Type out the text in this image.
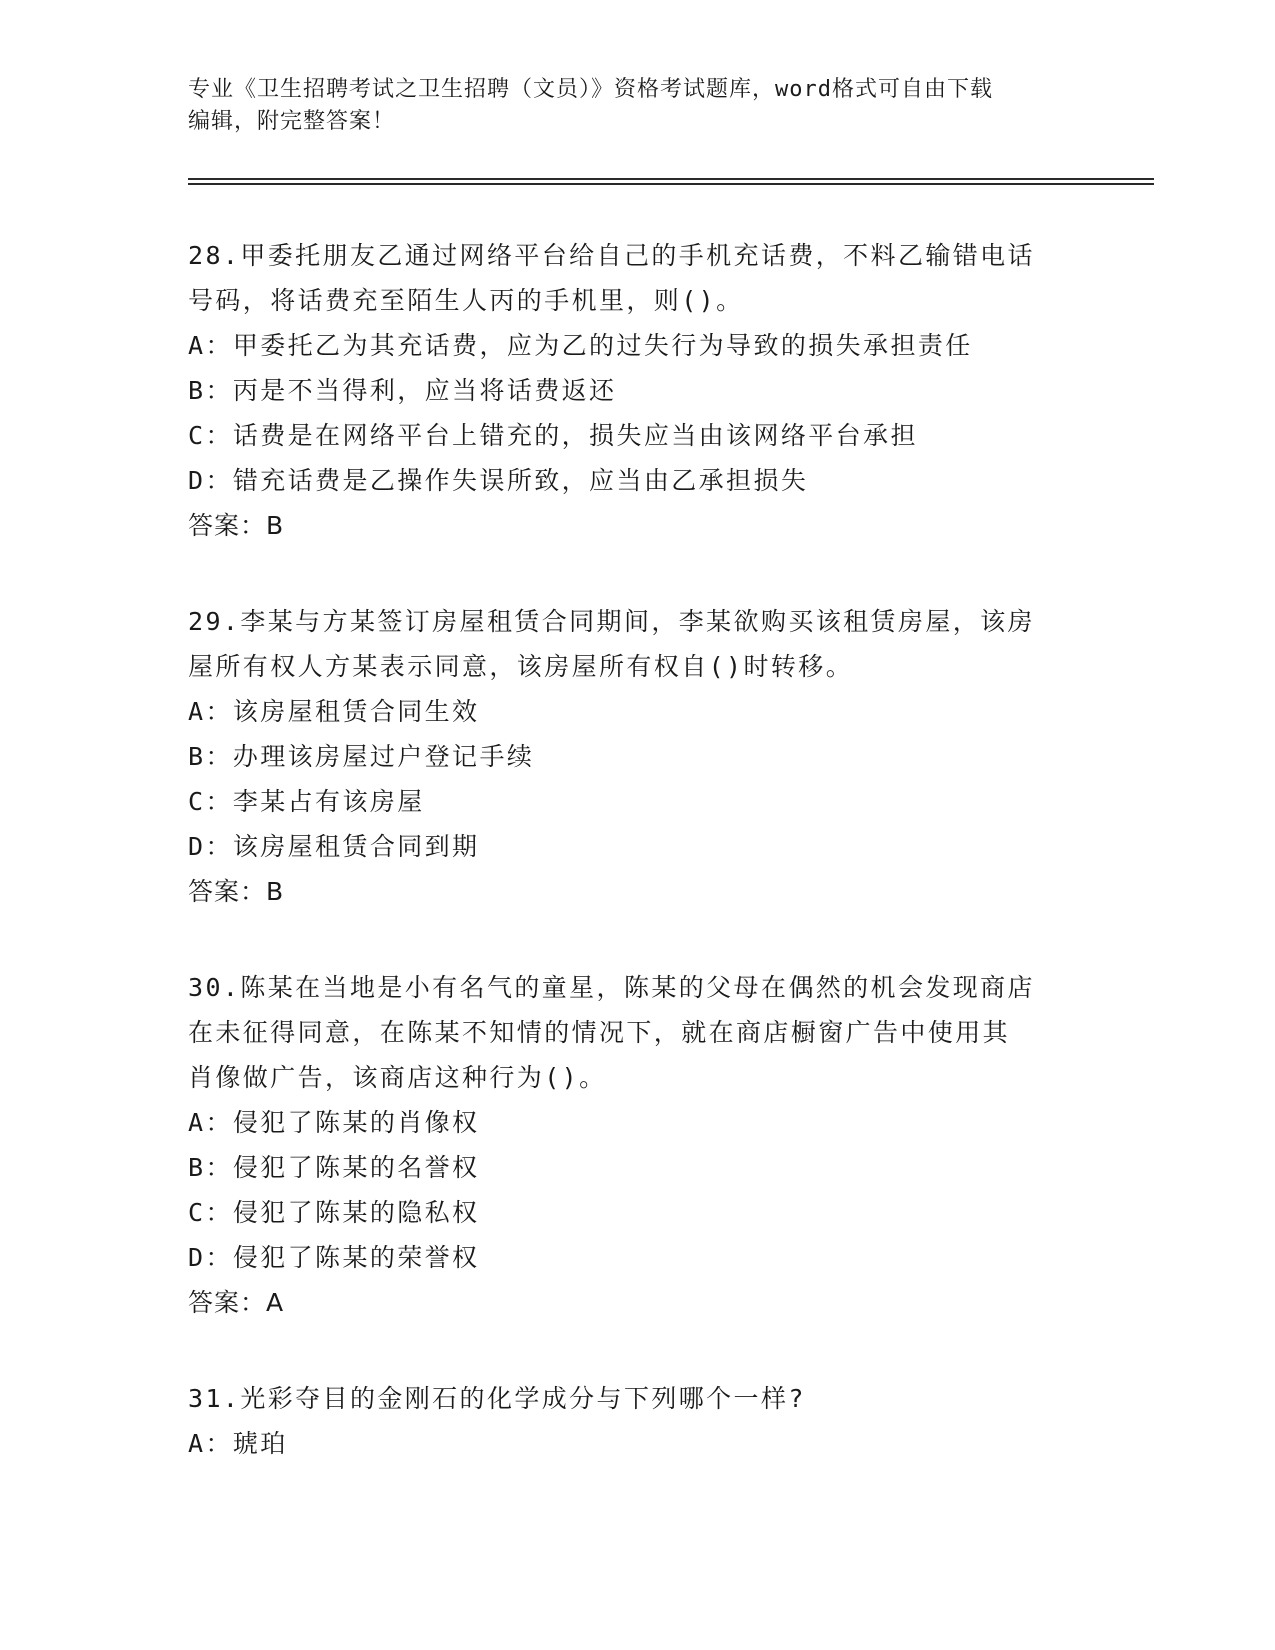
专业《卫生招聘考试之卫生招聘（文员）》资格考试题库，word格式可自由下载
编辑，附完整答案！
28.甲委托朋友乙通过网络平台给自己的手机充话费，不料乙输错电话
号码，将话费充至陌生人丙的手机里，则()。
A：甲委托乙为其充话费，应为乙的过失行为导致的损失承担责任
B：丙是不当得利，应当将话费返还
C：话费是在网络平台上错充的，损失应当由该网络平台承担
D：错充话费是乙操作失误所致，应当由乙承担损失
答案：B
29.李某与方某签订房屋租赁合同期间，李某欲购买该租赁房屋，该房
屋所有权人方某表示同意，该房屋所有权自()时转移。
A：该房屋租赁合同生效
B：办理该房屋过户登记手续
C：李某占有该房屋
D：该房屋租赁合同到期
答案：B
30.陈某在当地是小有名气的童星，陈某的父母在偶然的机会发现商店
在未征得同意，在陈某不知情的情况下，就在商店橱窗广告中使用其
肖像做广告，该商店这种行为()。
A：侵犯了陈某的肖像权
B：侵犯了陈某的名誉权
C：侵犯了陈某的隐私权
D：侵犯了陈某的荣誉权
答案：A
31.光彩夺目的金刚石的化学成分与下列哪个一样?
A：琥珀
